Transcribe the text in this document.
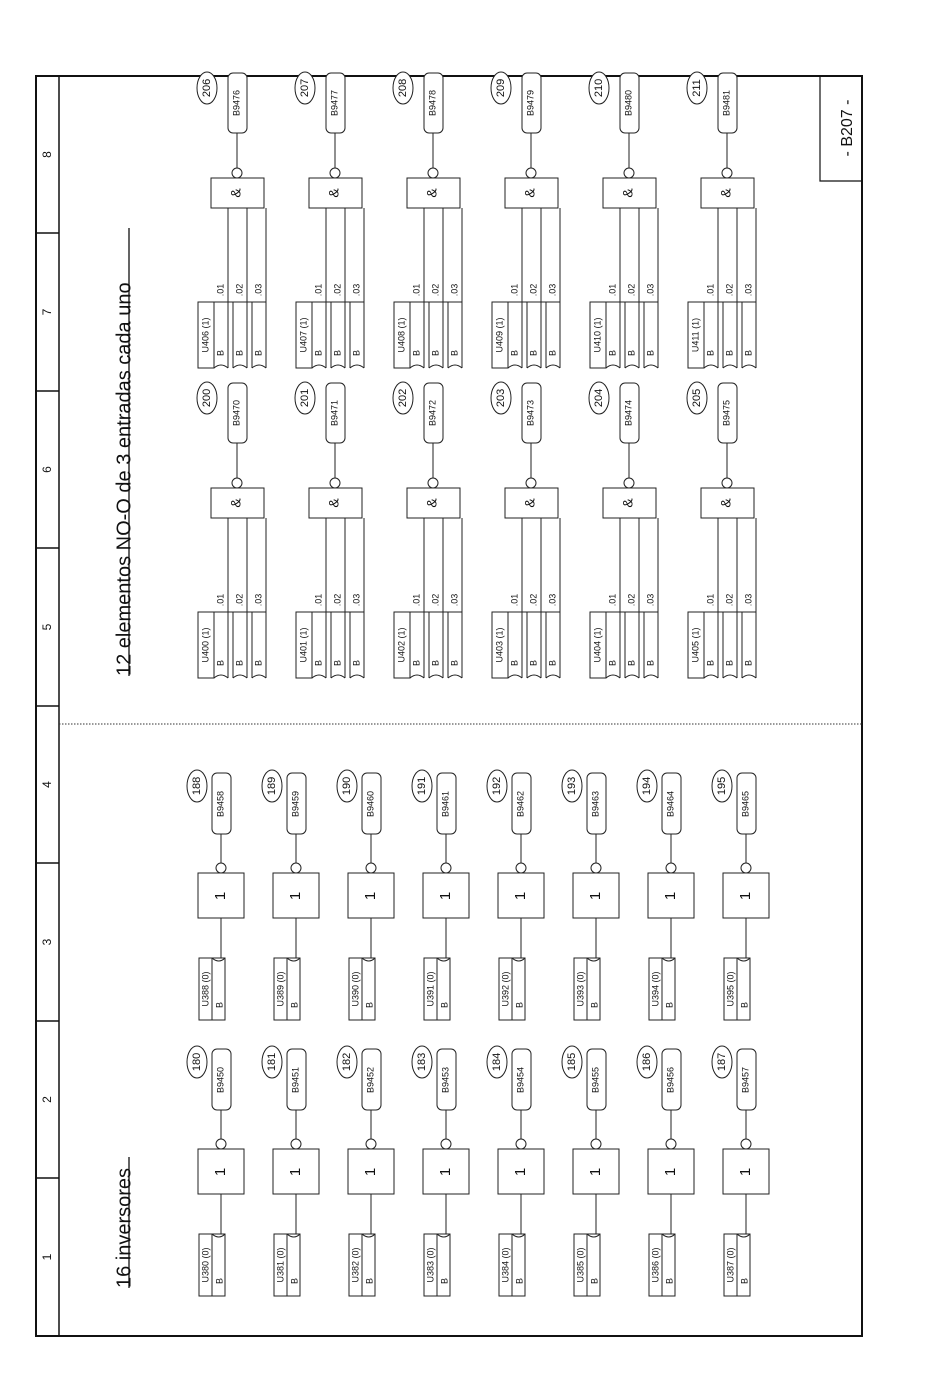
1
2
3
4
5
6
7
8	- B207 -
16 inversores
12 elementos NO-O de 3 entradas cada uno
U380 (0) B
1
B9450
180
U381 (0) B
1
B9451
181
U382 (0) B
1
B9452
182
U383 (0) B
1
B9453
183
U384 (0) B
1
B9454
184
U385 (0) B
1
B9455
185
U386 (0) B
1
B9456
186
U387 (0) B
1
B9457
187
U388 (0) B
1
B9458
188
U389 (0) B
1
B9459
189
U390 (0) B
1
B9460
190
U391 (0) B
1
B9461
191
U392 (0) B
1
B9462
192
U393 (0) B
1
B9463
193
U394 (0) B
1
B9464
194
U395 (0) B
1
B9465
195
U400 (1)
B
.01
B
.02
B
.03
&
B9470
200
U401 (1)
B
.01
B
.02
B
.03
&
B9471
201
U402 (1)
B
.01
B
.02
B
.03
&
B9472
202
U403 (1)
B
.01
B
.02
B
.03
&
B9473
203
U404 (1)
B
.01
B
.02
B
.03
&
B9474
204
U405 (1)
B
.01
B
.02
B
.03
&
B9475
205
U406 (1)
B
.01
B
.02
B
.03
&
B9476
206
U407 (1)
B
.01
B
.02
B
.03
&
B9477
207
U408 (1)
B
.01
B
.02
B
.03
&
B9478
208
U409 (1)
B
.01
B
.02
B
.03
&
B9479
209
U410 (1)
B
.01
B
.02
B
.03
&
B9480
210
U411 (1)
B
.01
B
.02
B
.03
&
B9481
211
